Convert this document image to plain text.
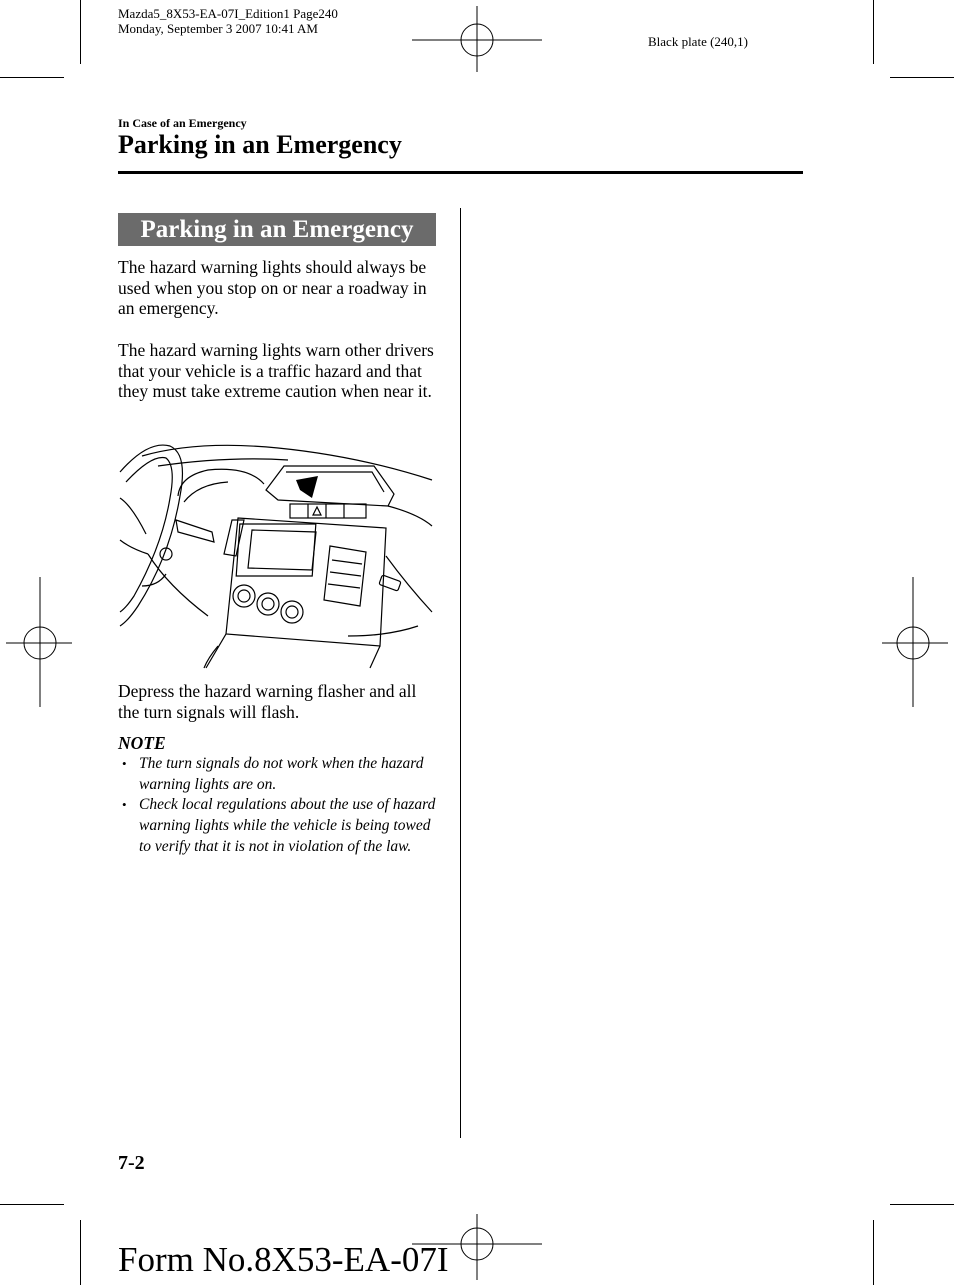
Mazda5_8X53-EA-07I_Edition1 Page240
Monday, September 3 2007 10:41 AM
Black plate (240,1)
In Case of an Emergency
Parking in an Emergency
Parking in an Emergency

The hazard warning lights should always be used when you stop on or near a roadway in an emergency.

The hazard warning lights warn other drivers that your vehicle is a traffic hazard and that they must take extreme caution when near it.

Depress the hazard warning flasher and all the turn signals will flash.

NOTE
• The turn signals do not work when the hazard warning lights are on.
• Check local regulations about the use of hazard warning lights while the vehicle is being towed to verify that it is not in violation of the law.
7-2
Form No.8X53-EA-07I
